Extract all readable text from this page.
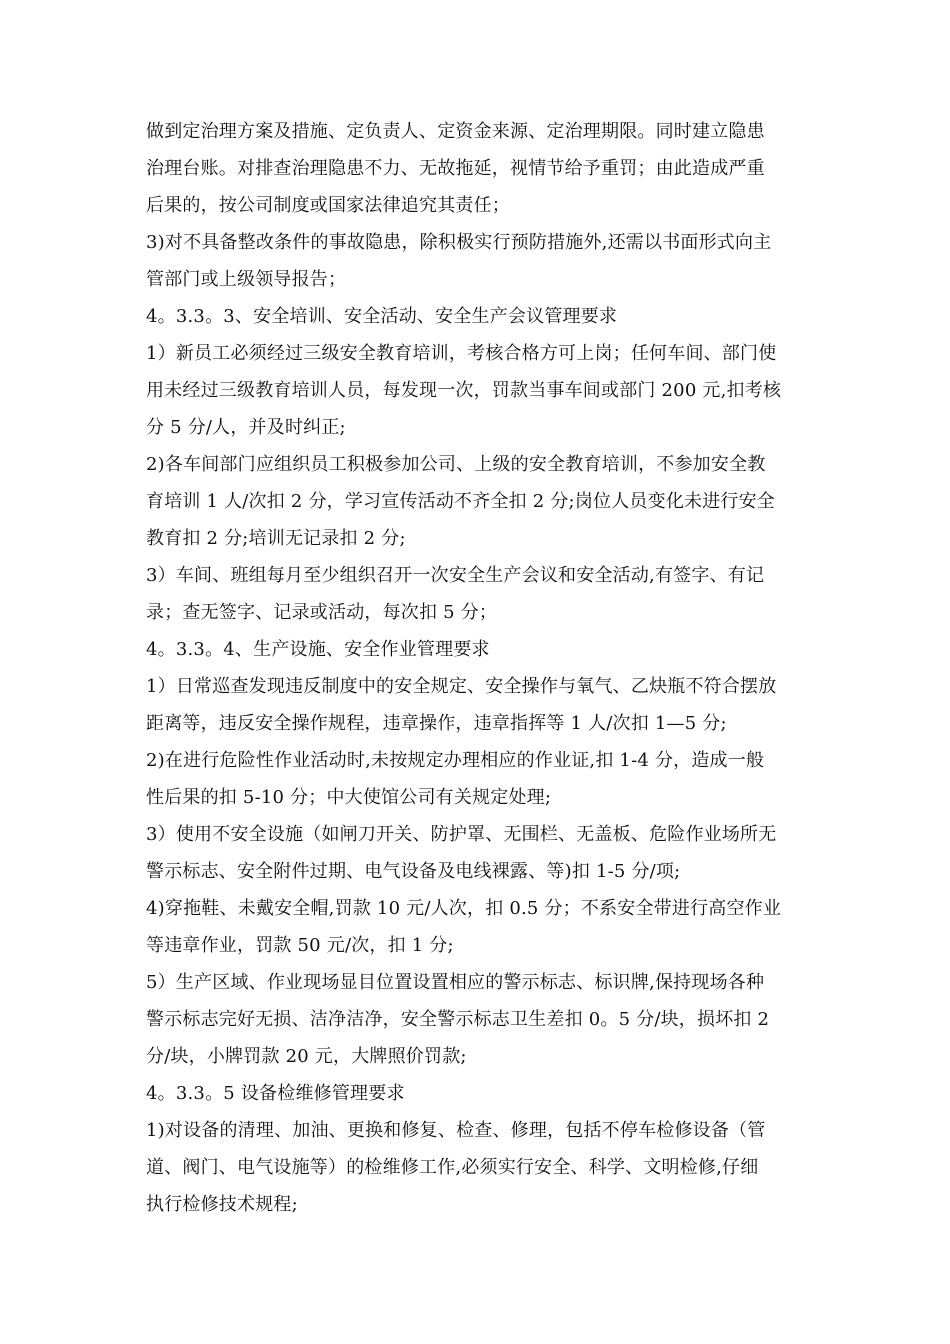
做到定治理方案及措施、定负责人、定资金来源、定治理期限。同时建立隐患
治理台账。对排查治理隐患不力、无故拖延，视情节给予重罚；由此造成严重
后果的，按公司制度或国家法律追究其责任；
3)对不具备整改条件的事故隐患，除积极实行预防措施外,还需以书面形式向主
管部门或上级领导报告；
4。3.3。3、安全培训、安全活动、安全生产会议管理要求
1）新员工必须经过三级安全教育培训，考核合格方可上岗；任何车间、部门使
用未经过三级教育培训人员，每发现一次，罚款当事车间或部门 200 元,扣考核
分 5 分/人，并及时纠正;
2)各车间部门应组织员工积极参加公司、上级的安全教育培训，不参加安全教
育培训 1 人/次扣 2 分，学习宣传活动不齐全扣 2 分;岗位人员变化未进行安全
教育扣 2 分;培训无记录扣 2 分;
3）车间、班组每月至少组织召开一次安全生产会议和安全活动,有签字、有记
录；查无签字、记录或活动，每次扣 5 分；
4。3.3。4、生产设施、安全作业管理要求
1）日常巡查发现违反制度中的安全规定、安全操作与氧气、乙炔瓶不符合摆放
距离等，违反安全操作规程，违章操作，违章指挥等 1 人/次扣 1—5 分;
2)在进行危险性作业活动时,未按规定办理相应的作业证,扣 1-4 分，造成一般
性后果的扣 5-10 分；中大使馆公司有关规定处理;
3）使用不安全设施（如闸刀开关、防护罩、无围栏、无盖板、危险作业场所无
警示标志、安全附件过期、电气设备及电线裸露、等)扣 1-5 分/项;
4)穿拖鞋、未戴安全帽,罚款 10 元/人次，扣 0.5 分；不系安全带进行高空作业
等违章作业，罚款 50 元/次，扣 1 分;
5）生产区域、作业现场显目位置设置相应的警示标志、标识牌,保持现场各种
警示标志完好无损、洁净洁净，安全警示标志卫生差扣 0。5 分/块，损坏扣 2
分/块，小牌罚款 20 元，大牌照价罚款;
4。3.3。5 设备检维修管理要求
1)对设备的清理、加油、更换和修复、检查、修理，包括不停车检修设备（管
道、阀门、电气设施等）的检维修工作,必须实行安全、科学、文明检修,仔细
执行检修技术规程;
